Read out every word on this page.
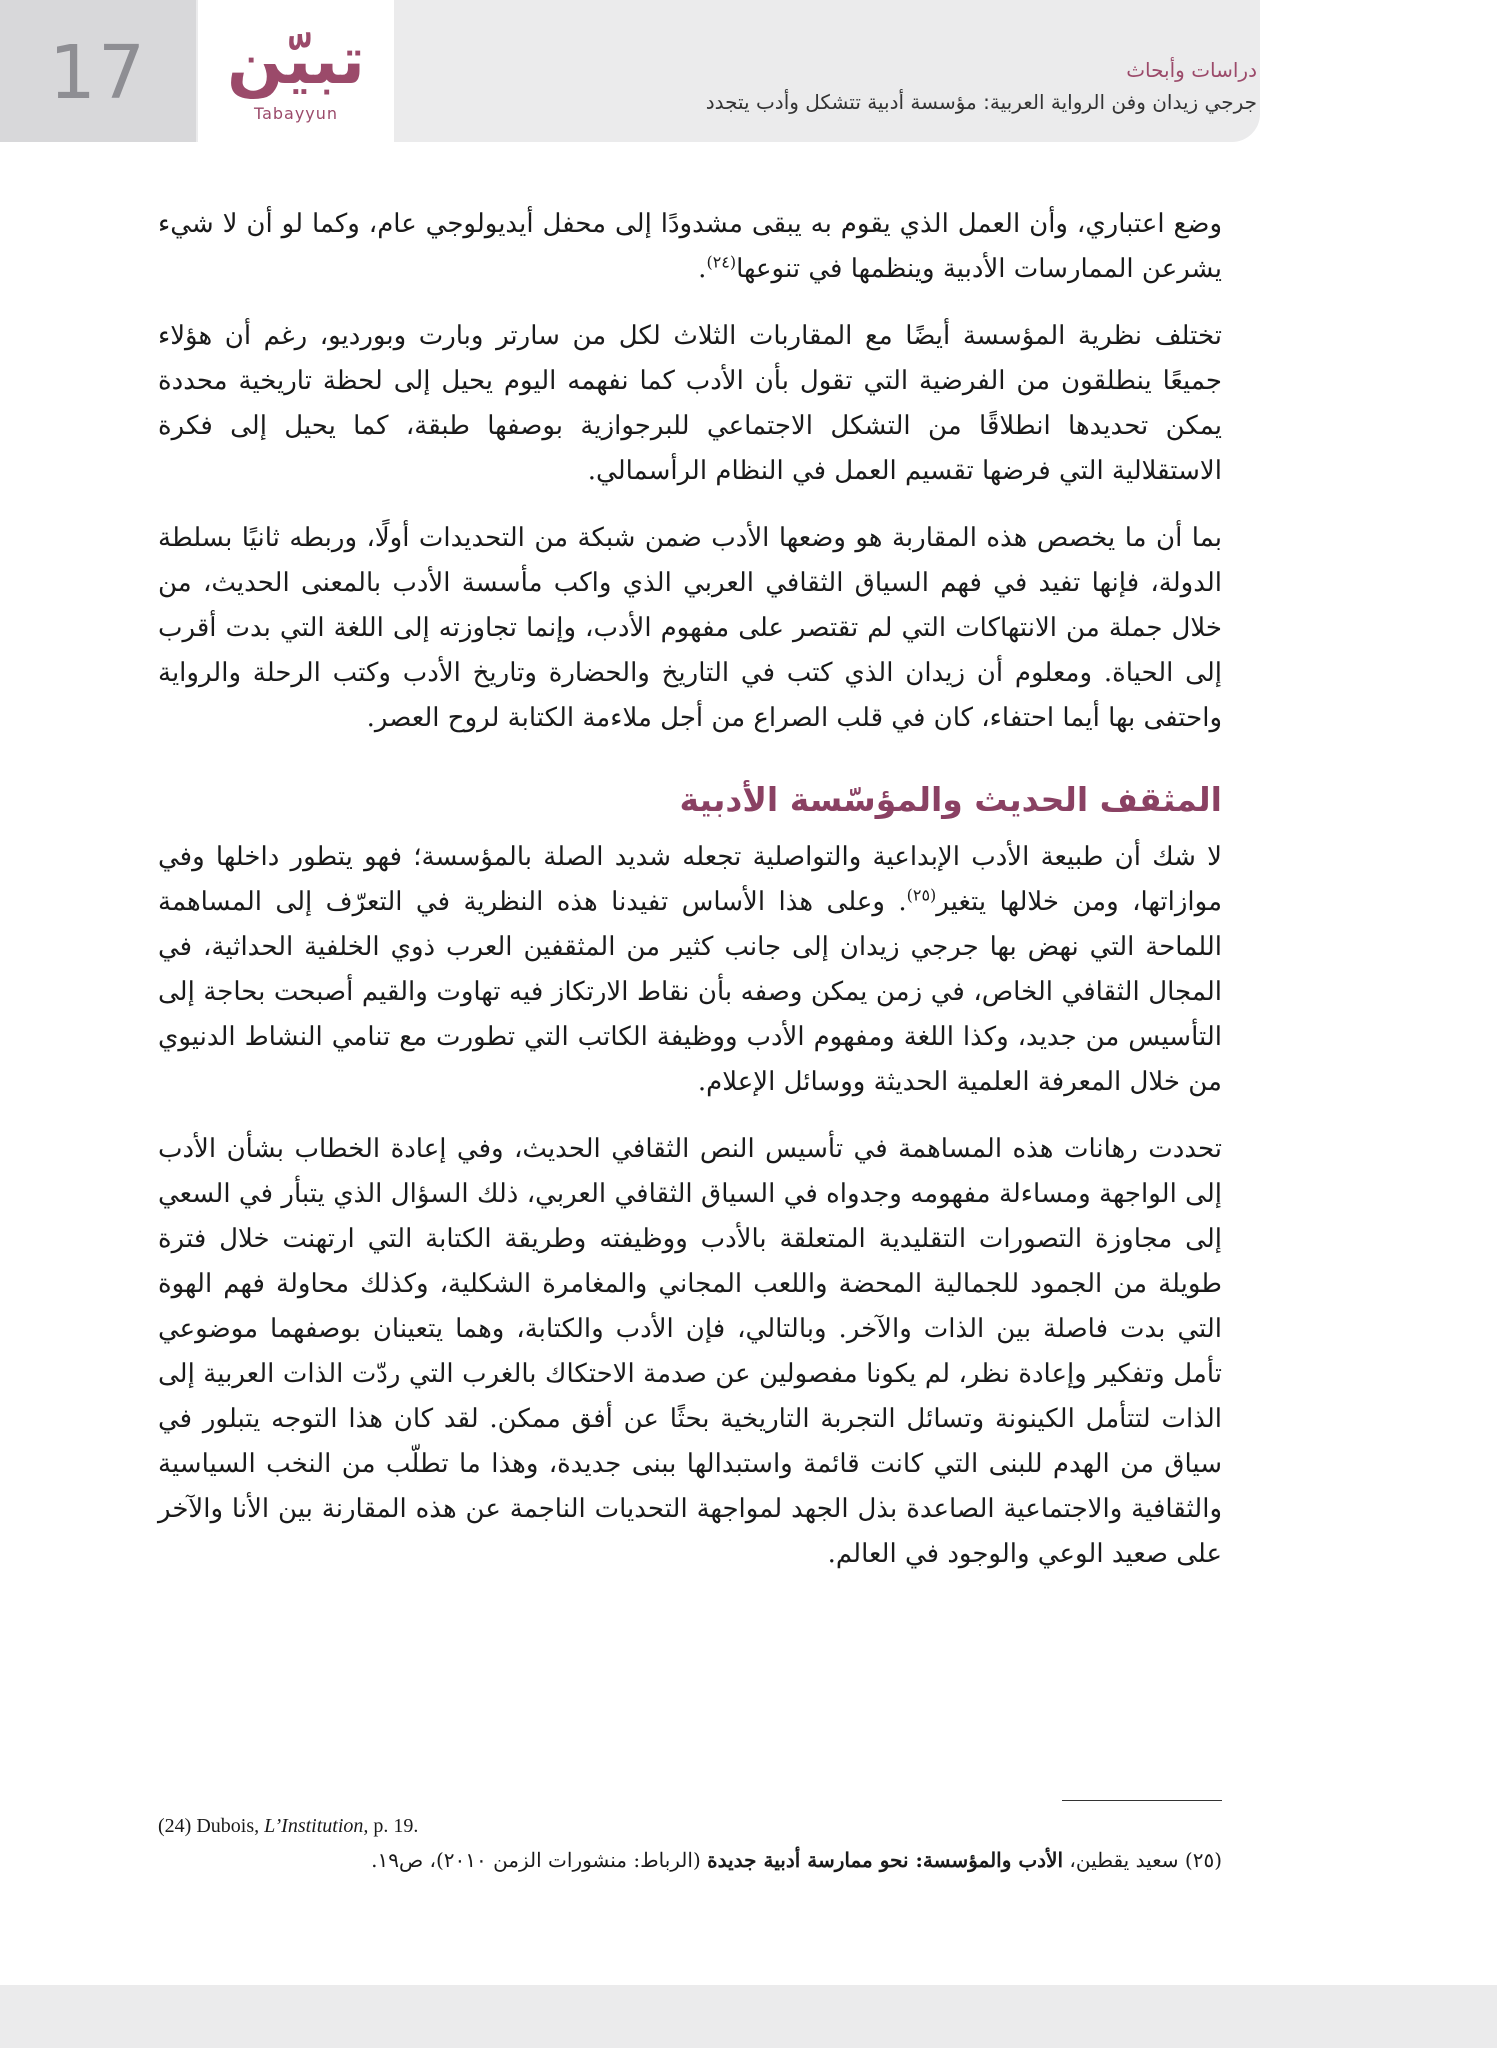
17	تبيّن
Tabayyun
دراسات وأبحاث
جرجي زيدان وفن الرواية العربية: مؤسسة أدبية تتشكل وأدب يتجدد

وضع اعتباري، وأن العمل الذي يقوم به يبقى مشدودًا إلى محفل أيديولوجي عام، وكما لو أن لا شيء يشرعن الممارسات الأدبية وينظمها في تنوعها$^{(٢٤)}$.

تختلف نظرية المؤسسة أيضًا مع المقاربات الثلاث لكل من سارتر وبارت وبورديو، رغم أن هؤلاء جميعًا ينطلقون من الفرضية التي تقول بأن الأدب كما نفهمه اليوم يحيل إلى لحظة تاريخية محددة يمكن تحديدها انطلاقًا من التشكل الاجتماعي للبرجوازية بوصفها طبقة، كما يحيل إلى فكرة الاستقلالية التي فرضها تقسيم العمل في النظام الرأسمالي.

بما أن ما يخصص هذه المقاربة هو وضعها الأدب ضمن شبكة من التحديدات أولًا، وربطه ثانيًا بسلطة الدولة، فإنها تفيد في فهم السياق الثقافي العربي الذي واكب مأسسة الأدب بالمعنى الحديث، من خلال جملة من الانتهاكات التي لم تقتصر على مفهوم الأدب، وإنما تجاوزته إلى اللغة التي بدت أقرب إلى الحياة. ومعلوم أن زيدان الذي كتب في التاريخ والحضارة وتاريخ الأدب وكتب الرحلة والرواية واحتفى بها أيما احتفاء، كان في قلب الصراع من أجل ملاءمة الكتابة لروح العصر.

المثقف الحديث والمؤسّسة الأدبية

لا شك أن طبيعة الأدب الإبداعية والتواصلية تجعله شديد الصلة بالمؤسسة؛ فهو يتطور داخلها وفي موازاتها، ومن خلالها يتغير$^{(٢٥)}$. وعلى هذا الأساس تفيدنا هذه النظرية في التعرّف إلى المساهمة اللماحة التي نهض بها جرجي زيدان إلى جانب كثير من المثقفين العرب ذوي الخلفية الحداثية، في المجال الثقافي الخاص، في زمن يمكن وصفه بأن نقاط الارتكاز فيه تهاوت والقيم أصبحت بحاجة إلى التأسيس من جديد، وكذا اللغة ومفهوم الأدب ووظيفة الكاتب التي تطورت مع تنامي النشاط الدنيوي من خلال المعرفة العلمية الحديثة ووسائل الإعلام.

تحددت رهانات هذه المساهمة في تأسيس النص الثقافي الحديث، وفي إعادة الخطاب بشأن الأدب إلى الواجهة ومساءلة مفهومه وجدواه في السياق الثقافي العربي، ذلك السؤال الذي يتبأر في السعي إلى مجاوزة التصورات التقليدية المتعلقة بالأدب ووظيفته وطريقة الكتابة التي ارتهنت خلال فترة طويلة من الجمود للجمالية المحضة واللعب المجاني والمغامرة الشكلية، وكذلك محاولة فهم الهوة التي بدت فاصلة بين الذات والآخر. وبالتالي، فإن الأدب والكتابة، وهما يتعينان بوصفهما موضوعي تأمل وتفكير وإعادة نظر، لم يكونا مفصولين عن صدمة الاحتكاك بالغرب التي ردّت الذات العربية إلى الذات لتتأمل الكينونة وتسائل التجربة التاريخية بحثًا عن أفق ممكن. لقد كان هذا التوجه يتبلور في سياق من الهدم للبنى التي كانت قائمة واستبدالها ببنى جديدة، وهذا ما تطلّب من النخب السياسية والثقافية والاجتماعية الصاعدة بذل الجهد لمواجهة التحديات الناجمة عن هذه المقارنة بين الأنا والآخر على صعيد الوعي والوجود في العالم.

(24) Dubois, L’Institution, p. 19.
(٢٥) سعيد يقطين، الأدب والمؤسسة: نحو ممارسة أدبية جديدة (الرباط: منشورات الزمن ٢٠١٠)، ص١٩.
